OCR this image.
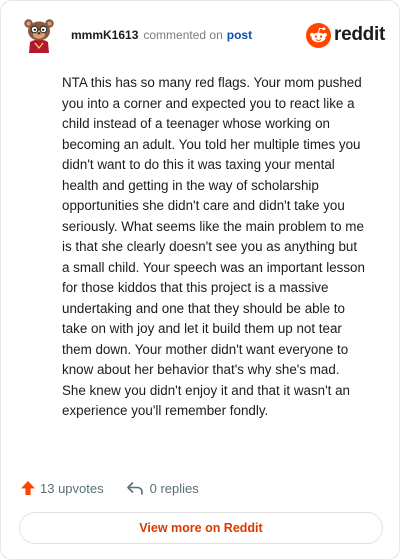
mmmK1613 commented on post	reddit

NTA this has so many red flags. Your mom pushed you into a corner and expected you to react like a child instead of a teenager whose working on becoming an adult. You told her multiple times you didn't want to do this it was taxing your mental health and getting in the way of scholarship opportunities she didn't care and didn't take you seriously. What seems like the main problem to me is that she clearly doesn't see you as anything but a small child. Your speech was an important lesson for those kiddos that this project is a massive undertaking and one that they should be able to take on with joy and let it build them up not tear them down. Your mother didn't want everyone to know about her behavior that's why she's mad. She knew you didn't enjoy it and that it wasn't an experience you'll remember fondly.

13 upvotes	0 replies
View more on Reddit
